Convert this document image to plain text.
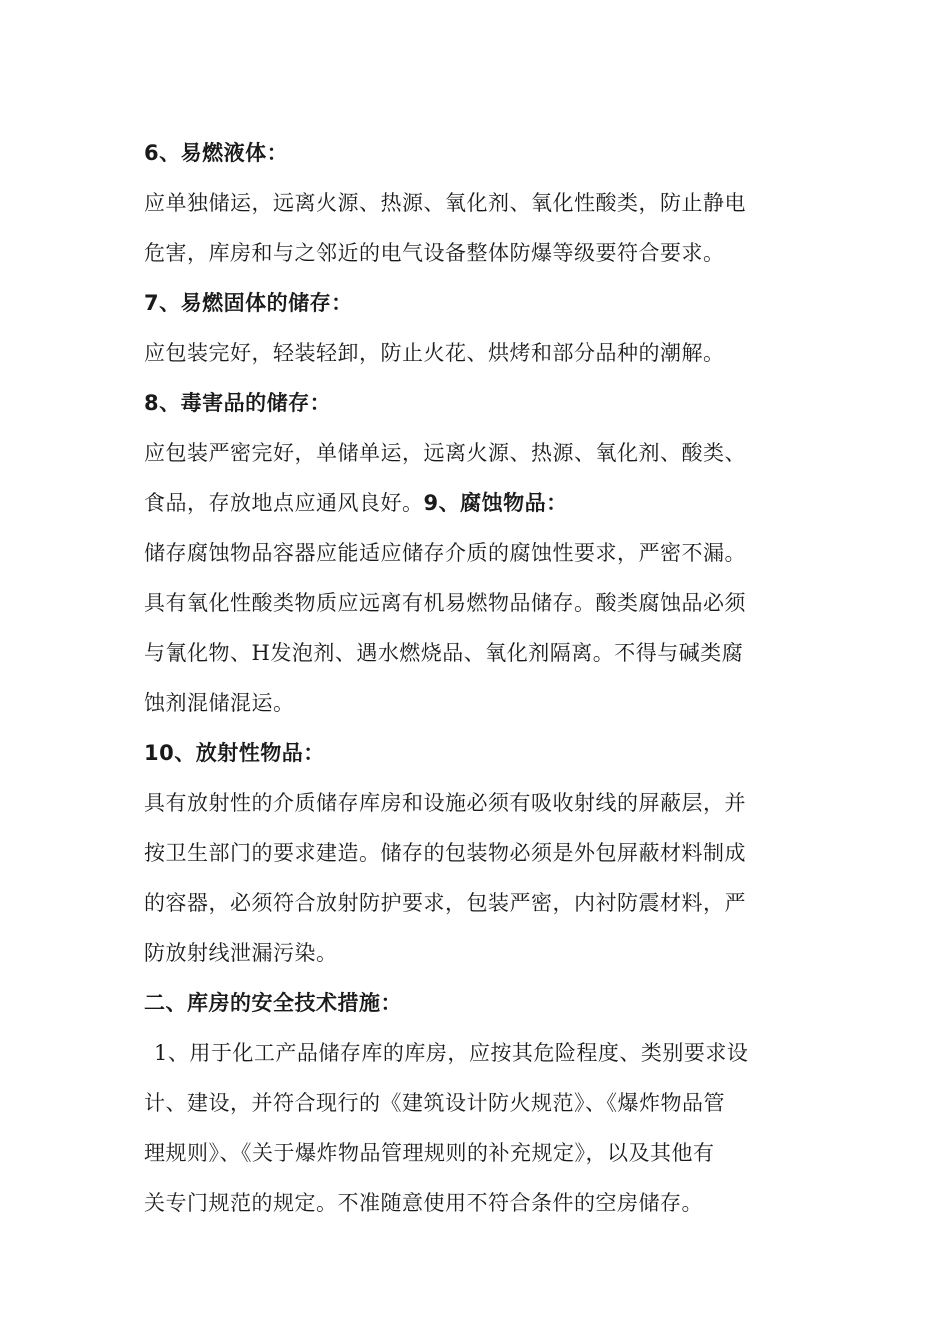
6、易燃液体：
应单独储运，远离火源、热源、氧化剂、氧化性酸类，防止静电
危害，库房和与之邻近的电气设备整体防爆等级要符合要求。
7、易燃固体的储存：
应包装完好，轻装轻卸，防止火花、烘烤和部分品种的潮解。
8、毒害品的储存：
应包装严密完好，单储单运，远离火源、热源、氧化剂、酸类、
食品，存放地点应通风良好。9、腐蚀物品：
储存腐蚀物品容器应能适应储存介质的腐蚀性要求，严密不漏。
具有氧化性酸类物质应远离有机易燃物品储存。酸类腐蚀品必须
与氰化物、H发泡剂、遇水燃烧品、氧化剂隔离。不得与碱类腐
蚀剂混储混运。
10、放射性物品：
具有放射性的介质储存库房和设施必须有吸收射线的屏蔽层，并
按卫生部门的要求建造。储存的包装物必须是外包屏蔽材料制成
的容器，必须符合放射防护要求，包装严密，内衬防震材料，严
防放射线泄漏污染。
二、库房的安全技术措施：
1、用于化工产品储存库的库房，应按其危险程度、类别要求设
计、建设，并符合现行的《建筑设计防火规范》、《爆炸物品管
理规则》、《关于爆炸物品管理规则的补充规定》，以及其他有
关专门规范的规定。不准随意使用不符合条件的空房储存。
